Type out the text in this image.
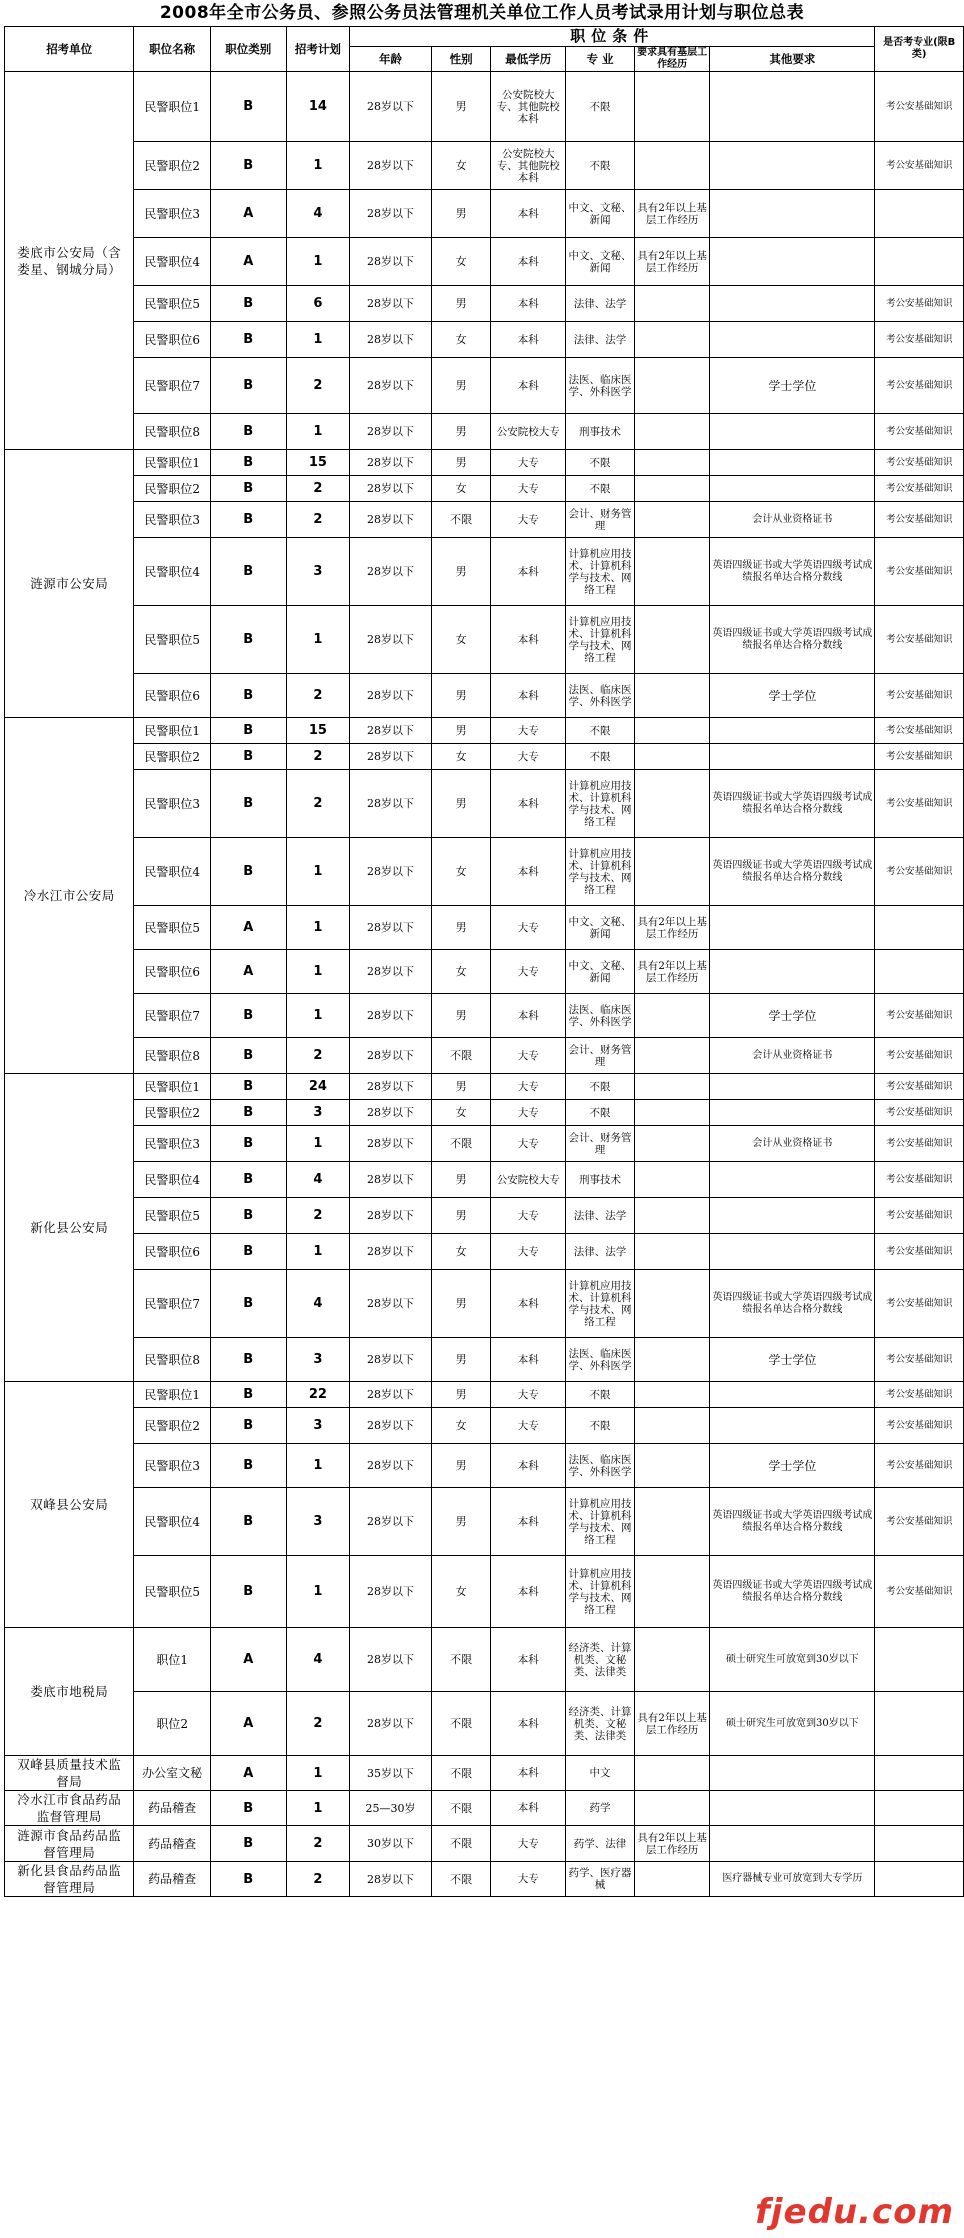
2008年全市公务员、参照公务员法管理机关单位工作人员考试录用计划与职位总表
招考单位	职位名称	职位类别	招考计划	职位条件						是否考专业(限B类)
				年龄	性别	最低学历	专 业	要求具有基层工作经历	其他要求	
娄底市公安局（含娄星、钢城分局）	民警职位1	B	14	28岁以下	男	公安院校大专、其他院校本科	不限			考公安基础知识
	民警职位2	B	1	28岁以下	女	公安院校大专、其他院校本科	不限			考公安基础知识
	民警职位3	A	4	28岁以下	男	本科	中文、文秘、新闻	具有2年以上基层工作经历		
	民警职位4	A	1	28岁以下	女	本科	中文、文秘、新闻	具有2年以上基层工作经历		
	民警职位5	B	6	28岁以下	男	本科	法律、法学			考公安基础知识
	民警职位6	B	1	28岁以下	女	本科	法律、法学			考公安基础知识
	民警职位7	B	2	28岁以下	男	本科	法医、临床医学、外科医学		学士学位	考公安基础知识
	民警职位8	B	1	28岁以下	男	公安院校大专	刑事技术			考公安基础知识
涟源市公安局	民警职位1	B	15	28岁以下	男	大专	不限			考公安基础知识
	民警职位2	B	2	28岁以下	女	大专	不限			考公安基础知识
	民警职位3	B	2	28岁以下	不限	大专	会计、财务管理		会计从业资格证书	考公安基础知识
	民警职位4	B	3	28岁以下	男	本科	计算机应用技术、计算机科学与技术、网络工程		英语四级证书或大学英语四级考试成绩报名单达合格分数线	考公安基础知识
	民警职位5	B	1	28岁以下	女	本科	计算机应用技术、计算机科学与技术、网络工程		英语四级证书或大学英语四级考试成绩报名单达合格分数线	考公安基础知识
	民警职位6	B	2	28岁以下	男	本科	法医、临床医学、外科医学		学士学位	考公安基础知识
冷水江市公安局	民警职位1	B	15	28岁以下	男	大专	不限			考公安基础知识
	民警职位2	B	2	28岁以下	女	大专	不限			考公安基础知识
	民警职位3	B	2	28岁以下	男	本科	计算机应用技术、计算机科学与技术、网络工程		英语四级证书或大学英语四级考试成绩报名单达合格分数线	考公安基础知识
	民警职位4	B	1	28岁以下	女	本科	计算机应用技术、计算机科学与技术、网络工程		英语四级证书或大学英语四级考试成绩报名单达合格分数线	考公安基础知识
	民警职位5	A	1	28岁以下	男	大专	中文、文秘、新闻	具有2年以上基层工作经历		
	民警职位6	A	1	28岁以下	女	大专	中文、文秘、新闻	具有2年以上基层工作经历		
	民警职位7	B	1	28岁以下	男	本科	法医、临床医学、外科医学		学士学位	考公安基础知识
	民警职位8	B	2	28岁以下	不限	大专	会计、财务管理		会计从业资格证书	考公安基础知识
新化县公安局	民警职位1	B	24	28岁以下	男	大专	不限			考公安基础知识
	民警职位2	B	3	28岁以下	女	大专	不限			考公安基础知识
	民警职位3	B	1	28岁以下	不限	大专	会计、财务管理		会计从业资格证书	考公安基础知识
	民警职位4	B	4	28岁以下	男	公安院校大专	刑事技术			考公安基础知识
	民警职位5	B	2	28岁以下	男	大专	法律、法学			考公安基础知识
	民警职位6	B	1	28岁以下	女	大专	法律、法学			考公安基础知识
	民警职位7	B	4	28岁以下	男	本科	计算机应用技术、计算机科学与技术、网络工程		英语四级证书或大学英语四级考试成绩报名单达合格分数线	考公安基础知识
	民警职位8	B	3	28岁以下	男	本科	法医、临床医学、外科医学		学士学位	考公安基础知识
双峰县公安局	民警职位1	B	22	28岁以下	男	大专	不限			考公安基础知识
	民警职位2	B	3	28岁以下	女	大专	不限			考公安基础知识
	民警职位3	B	1	28岁以下	男	本科	法医、临床医学、外科医学		学士学位	考公安基础知识
	民警职位4	B	3	28岁以下	男	本科	计算机应用技术、计算机科学与技术、网络工程		英语四级证书或大学英语四级考试成绩报名单达合格分数线	考公安基础知识
	民警职位5	B	1	28岁以下	女	本科	计算机应用技术、计算机科学与技术、网络工程		英语四级证书或大学英语四级考试成绩报名单达合格分数线	考公安基础知识
娄底市地税局	职位1	A	4	28岁以下	不限	本科	经济类、计算机类、文秘类、法律类		硕士研究生可放宽到30岁以下	
	职位2	A	2	28岁以下	不限	本科	经济类、计算机类、文秘类、法律类	具有2年以上基层工作经历	硕士研究生可放宽到30岁以下	
双峰县质量技术监督局	办公室文秘	A	1	35岁以下	不限	本科	中文			
冷水江市食品药品监督管理局	药品稽查	B	1	25—30岁	不限	本科	药学			
涟源市食品药品监督管理局	药品稽查	B	2	30岁以下	不限	大专	药学、法律	具有2年以上基层工作经历		
新化县食品药品监督管理局	药品稽查	B	2	28岁以下	不限	大专	药学、医疗器械		医疗器械专业可放宽到大专学历	
fjedu.com
